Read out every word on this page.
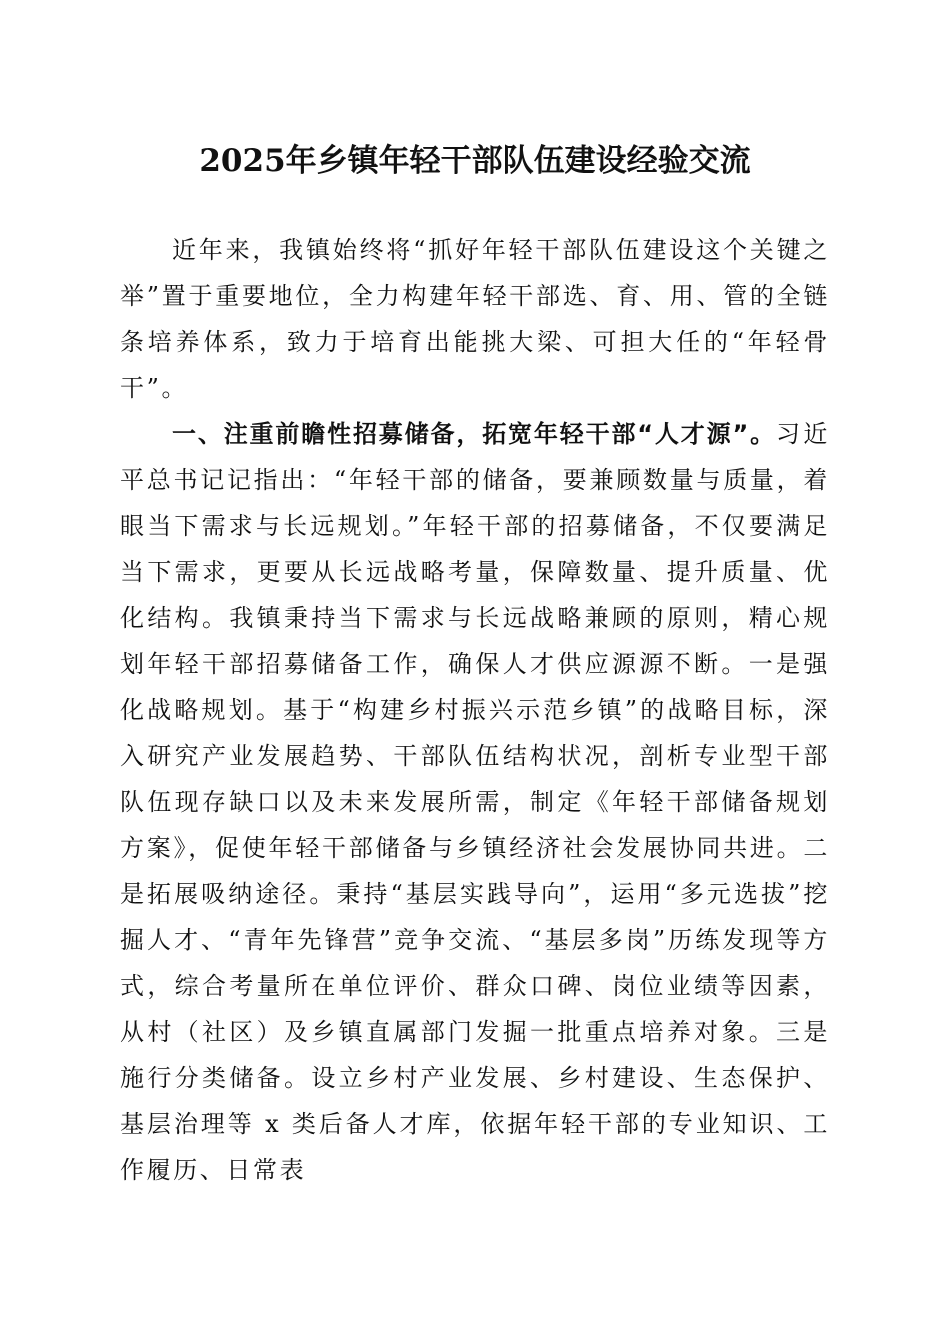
2025年乡镇年轻干部队伍建设经验交流

近年来，我镇始终将“抓好年轻干部队伍建设这个关键之举”置于重要地位，全力构建年轻干部选、育、用、管的全链条培养体系，致力于培育出能挑大梁、可担大任的“年轻骨干”。

一、注重前瞻性招募储备，拓宽年轻干部“人才源”。习近平总书记记指出：“年轻干部的储备，要兼顾数量与质量，着眼当下需求与长远规划。”年轻干部的招募储备，不仅要满足当下需求，更要从长远战略考量，保障数量、提升质量、优化结构。我镇秉持当下需求与长远战略兼顾的原则，精心规划年轻干部招募储备工作，确保人才供应源源不断。一是强化战略规划。基于“构建乡村振兴示范乡镇”的战略目标，深入研究产业发展趋势、干部队伍结构状况，剖析专业型干部队伍现存缺口以及未来发展所需，制定《年轻干部储备规划方案》，促使年轻干部储备与乡镇经济社会发展协同共进。二是拓展吸纳途径。秉持“基层实践导向”，运用“多元选拔”挖掘人才、“青年先锋营”竞争交流、“基层多岗”历练发现等方式，综合考量所在单位评价、群众口碑、岗位业绩等因素，从村（社区）及乡镇直属部门发掘一批重点培养对象。三是施行分类储备。设立乡村产业发展、乡村建设、生态保护、基层治理等 x 类后备人才库，依据年轻干部的专业知识、工作履历、日常表
